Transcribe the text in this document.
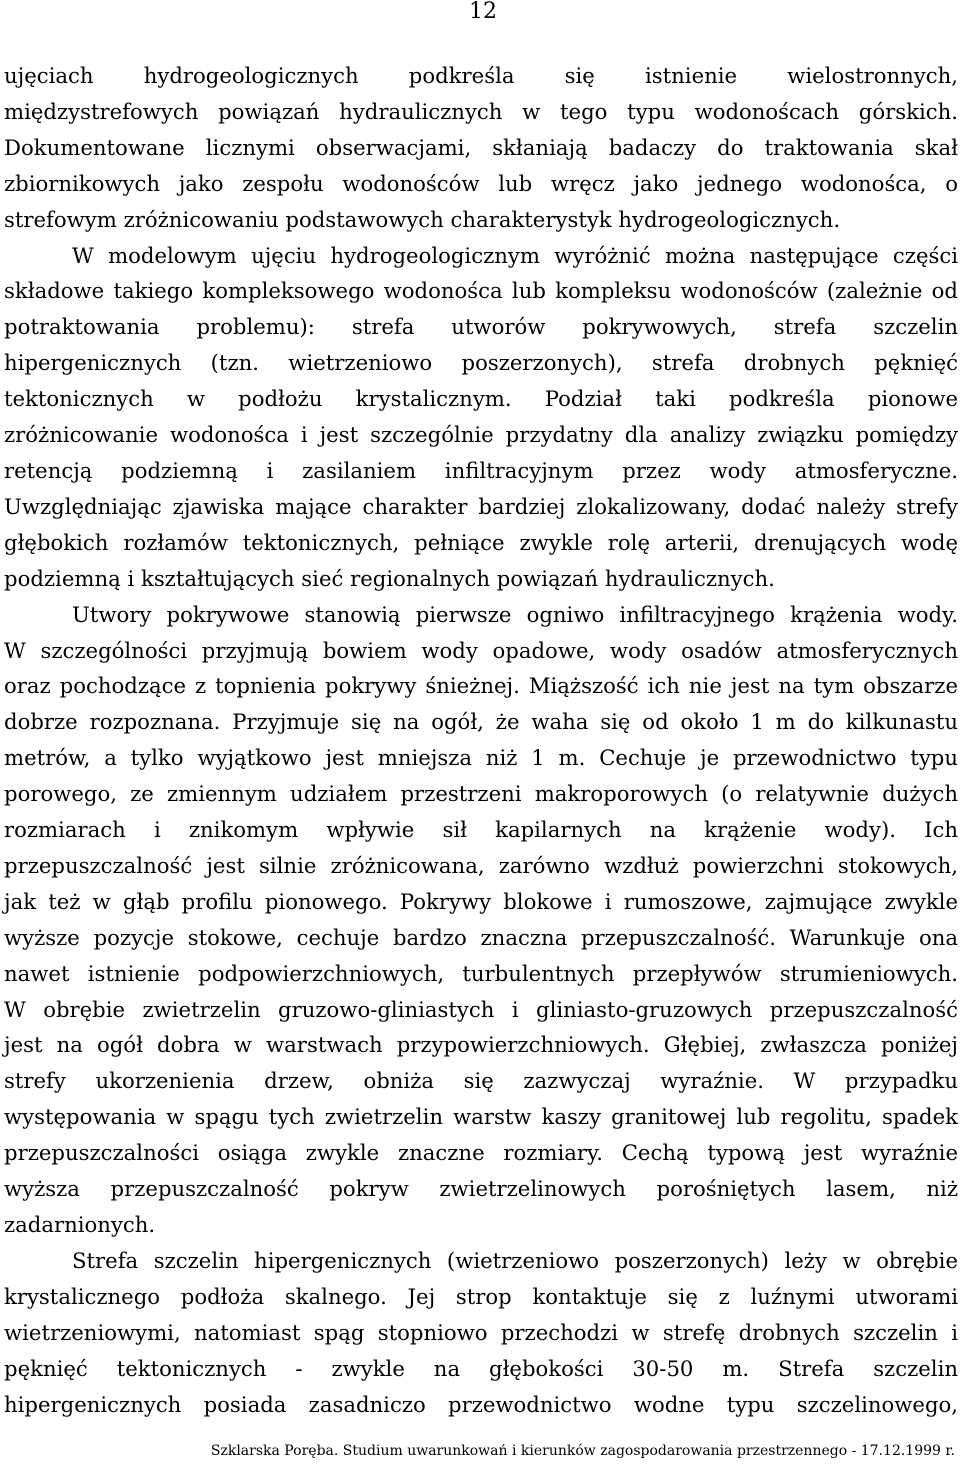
12
ujęciach hydrogeologicznych podkreśla się istnienie wielostronnych,
międzystrefowych powiązań hydraulicznych w tego typu wodonoścach górskich.
Dokumentowane licznymi obserwacjami, skłaniają badaczy do traktowania skał
zbiornikowych jako zespołu wodonośców lub wręcz jako jednego wodonośca, o
strefowym zróżnicowaniu podstawowych charakterystyk hydrogeologicznych.
W modelowym ujęciu hydrogeologicznym wyróżnić można następujące części
składowe takiego kompleksowego wodonośca lub kompleksu wodonośców (zależnie od
potraktowania problemu): strefa utworów pokrywowych, strefa szczelin
hipergenicznych (tzn. wietrzeniowo poszerzonych), strefa drobnych pęknięć
tektonicznych w podłożu krystalicznym. Podział taki podkreśla pionowe
zróżnicowanie wodonośca i jest szczególnie przydatny dla analizy związku pomiędzy
retencją podziemną i zasilaniem infiltracyjnym przez wody atmosferyczne.
Uwzględniając zjawiska mające charakter bardziej zlokalizowany, dodać należy strefy
głębokich rozłamów tektonicznych, pełniące zwykle rolę arterii, drenujących wodę
podziemną i kształtujących sieć regionalnych powiązań hydraulicznych.
Utwory pokrywowe stanowią pierwsze ogniwo infiltracyjnego krążenia wody.
W szczególności przyjmują bowiem wody opadowe, wody osadów atmosferycznych
oraz pochodzące z topnienia pokrywy śnieżnej. Miąższość ich nie jest na tym obszarze
dobrze rozpoznana. Przyjmuje się na ogół, że waha się od około 1 m do kilkunastu
metrów, a tylko wyjątkowo jest mniejsza niż 1 m. Cechuje je przewodnictwo typu
porowego, ze zmiennym udziałem przestrzeni makroporowych (o relatywnie dużych
rozmiarach i znikomym wpływie sił kapilarnych na krążenie wody). Ich
przepuszczalność jest silnie zróżnicowana, zarówno wzdłuż powierzchni stokowych,
jak też w głąb profilu pionowego. Pokrywy blokowe i rumoszowe, zajmujące zwykle
wyższe pozycje stokowe, cechuje bardzo znaczna przepuszczalność. Warunkuje ona
nawet istnienie podpowierzchniowych, turbulentnych przepływów strumieniowych.
W obrębie zwietrzelin gruzowo-gliniastych i gliniasto-gruzowych przepuszczalność
jest na ogół dobra w warstwach przypowierzchniowych. Głębiej, zwłaszcza poniżej
strefy ukorzenienia drzew, obniża się zazwyczaj wyraźnie. W przypadku
występowania w spągu tych zwietrzelin warstw kaszy granitowej lub regolitu, spadek
przepuszczalności osiąga zwykle znaczne rozmiary. Cechą typową jest wyraźnie
wyższa przepuszczalność pokryw zwietrzelinowych porośniętych lasem, niż
zadarnionych.
Strefa szczelin hipergenicznych (wietrzeniowo poszerzonych) leży w obrębie
krystalicznego podłoża skalnego. Jej strop kontaktuje się z luźnymi utworami
wietrzeniowymi, natomiast spąg stopniowo przechodzi w strefę drobnych szczelin i
pęknięć tektonicznych - zwykle na głębokości 30-50 m. Strefa szczelin
hipergenicznych posiada zasadniczo przewodnictwo wodne typu szczelinowego,
Szklarska Poręba. Studium uwarunkowań i kierunków zagospodarowania przestrzennego - 17.12.1999 r.
